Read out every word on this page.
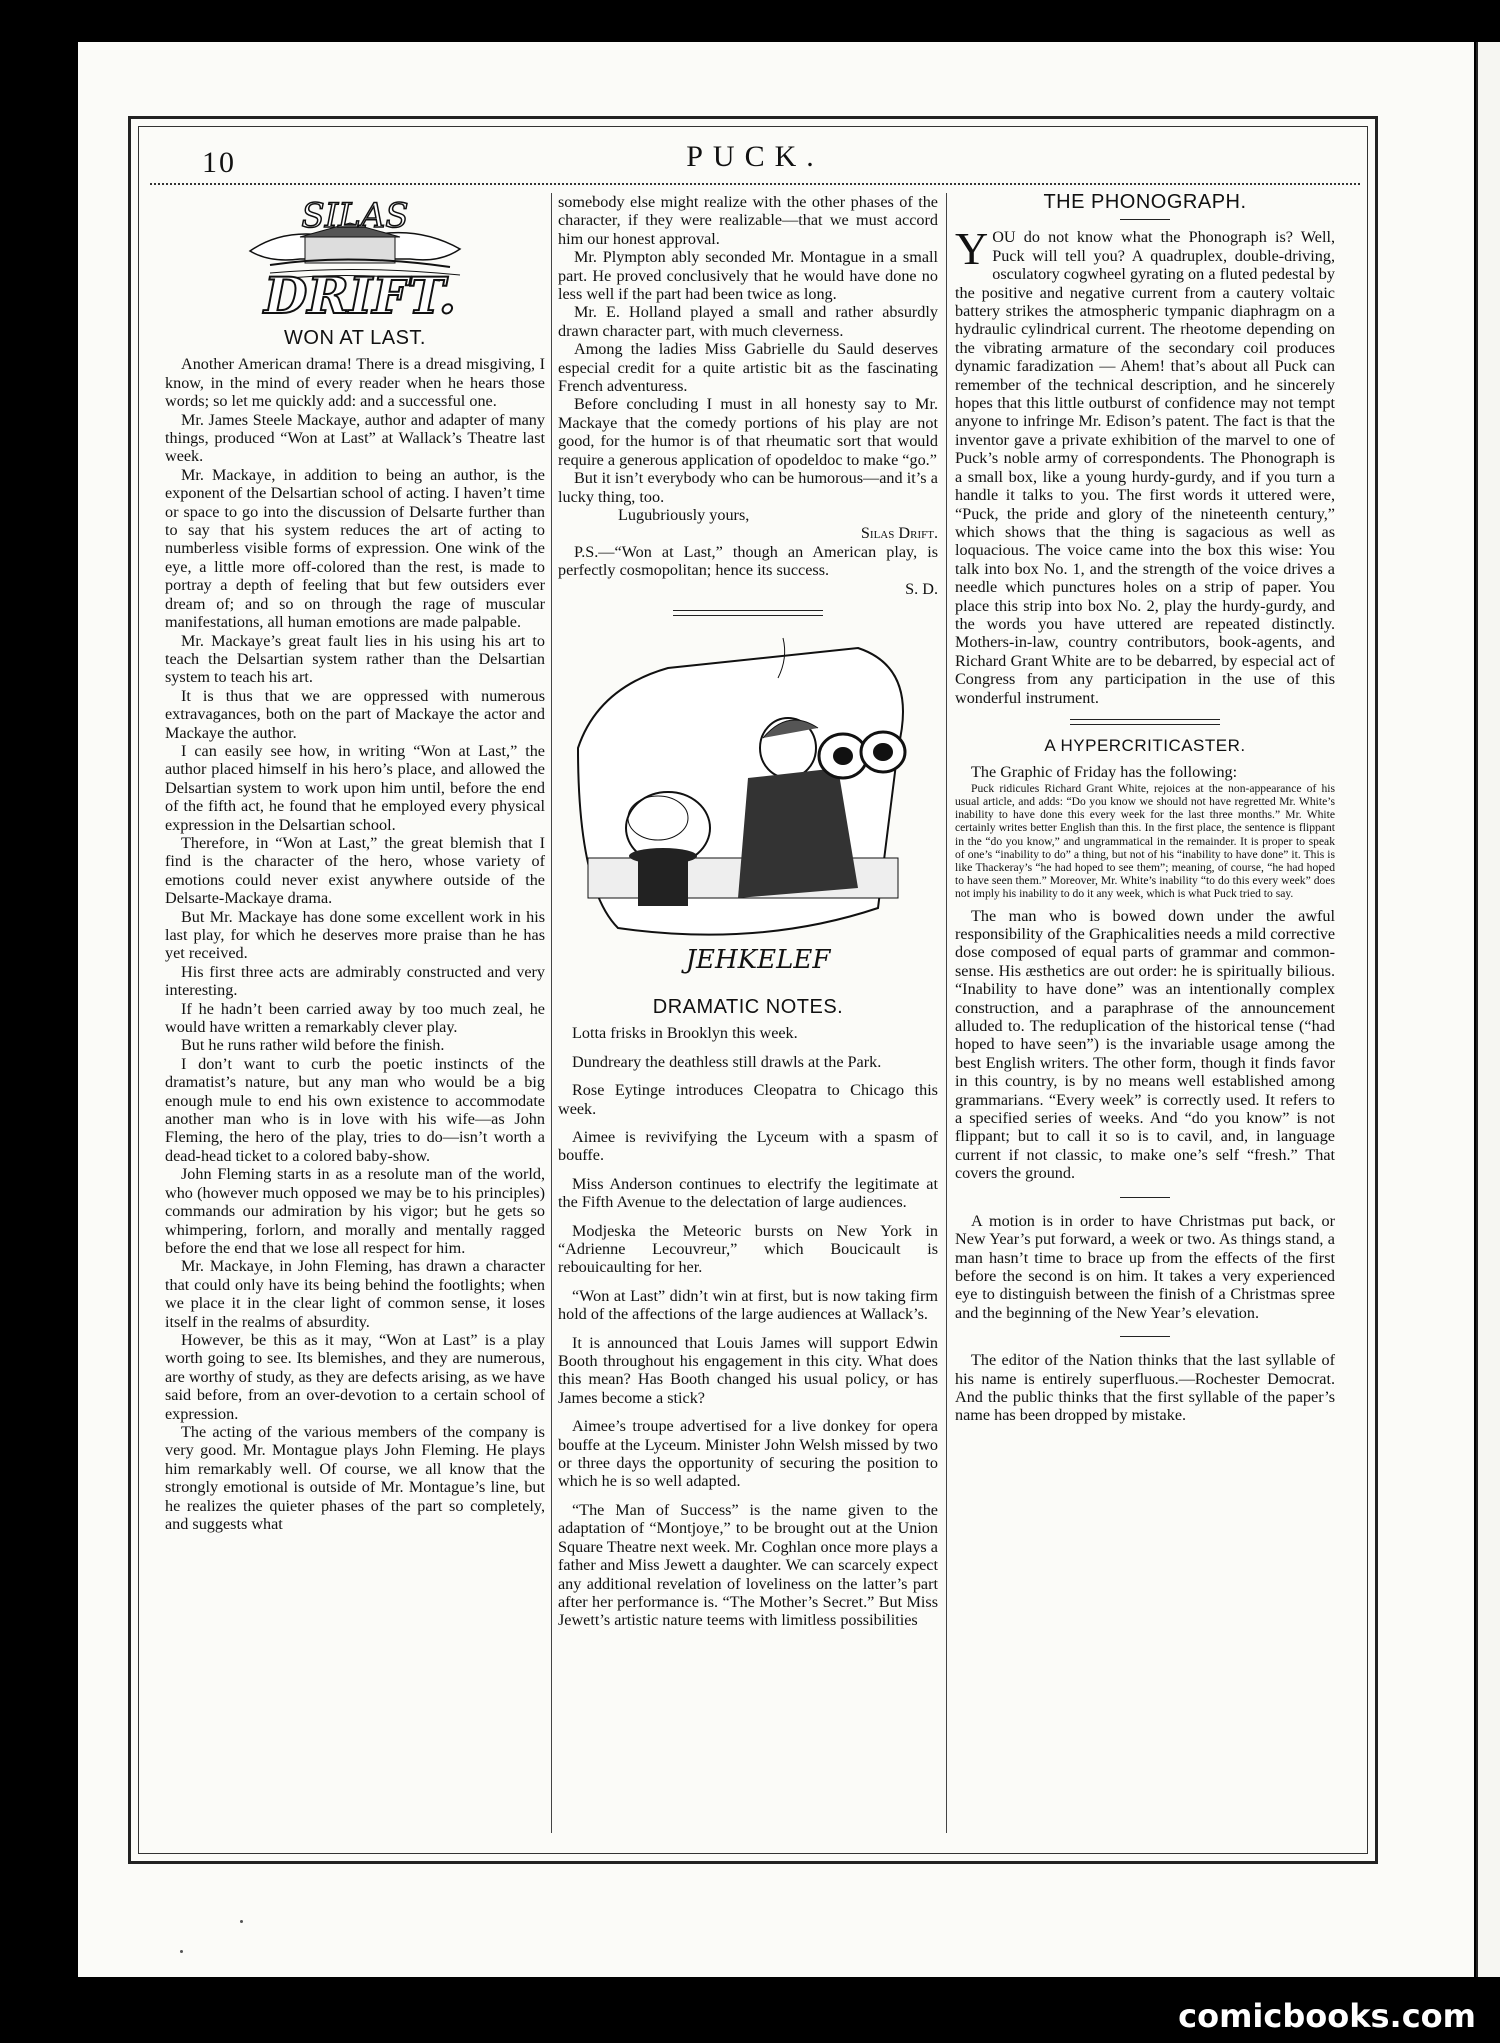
10	PUCK.
SILAS
DRIFT.
WON AT LAST.

Another American drama! There is a dread misgiving, I know, in the mind of every reader when he hears those words; so let me quickly add: and a successful one.

Mr. James Steele Mackaye, author and adapter of many things, produced “Won at Last” at Wallack’s Theatre last week.

Mr. Mackaye, in addition to being an author, is the exponent of the Delsartian school of acting. I haven’t time or space to go into the discussion of Delsarte further than to say that his system reduces the art of acting to numberless visible forms of expression. One wink of the eye, a little more off-colored than the rest, is made to portray a depth of feeling that but few outsiders ever dream of; and so on through the rage of muscular manifestations, all human emotions are made palpable.

Mr. Mackaye’s great fault lies in his using his art to teach the Delsartian system rather than the Delsartian system to teach his art.

It is thus that we are oppressed with numerous extravagances, both on the part of Mackaye the actor and Mackaye the author.

I can easily see how, in writing “Won at Last,” the author placed himself in his hero’s place, and allowed the Delsartian system to work upon him until, before the end of the fifth act, he found that he employed every physical expression in the Delsartian school.

Therefore, in “Won at Last,” the great blemish that I find is the character of the hero, whose variety of emotions could never exist anywhere outside of the Delsarte-Mackaye drama.

But Mr. Mackaye has done some excellent work in his last play, for which he deserves more praise than he has yet received.

His first three acts are admirably constructed and very interesting.

If he hadn’t been carried away by too much zeal, he would have written a remarkably clever play.

But he runs rather wild before the finish.

I don’t want to curb the poetic instincts of the dramatist’s nature, but any man who would be a big enough mule to end his own existence to accommodate another man who is in love with his wife—as John Fleming, the hero of the play, tries to do—isn’t worth a dead-head ticket to a colored baby-show.

John Fleming starts in as a resolute man of the world, who (however much opposed we may be to his principles) commands our admiration by his vigor; but he gets so whimpering, forlorn, and morally and mentally ragged before the end that we lose all respect for him.

Mr. Mackaye, in John Fleming, has drawn a character that could only have its being behind the footlights; when we place it in the clear light of common sense, it loses itself in the realms of absurdity.

However, be this as it may, “Won at Last” is a play worth going to see. Its blemishes, and they are numerous, are worthy of study, as they are defects arising, as we have said before, from an over-devotion to a certain school of expression.

The acting of the various members of the company is very good. Mr. Montague plays John Fleming. He plays him remarkably well. Of course, we all know that the strongly emotional is outside of Mr. Montague’s line, but he realizes the quieter phases of the part so completely, and suggests what

somebody else might realize with the other phases of the character, if they were realizable—that we must accord him our honest approval.

Mr. Plympton ably seconded Mr. Montague in a small part. He proved conclusively that he would have done no less well if the part had been twice as long.

Mr. E. Holland played a small and rather absurdly drawn character part, with much cleverness.

Among the ladies Miss Gabrielle du Sauld deserves especial credit for a quite artistic bit as the fascinating French adventuress.

Before concluding I must in all honesty say to Mr. Mackaye that the comedy portions of his play are not good, for the humor is of that rheumatic sort that would require a generous application of opodeldoc to make “go.”

But it isn’t everybody who can be humorous—and it’s a lucky thing, too.

Lugubriously yours,

Silas Drift.

P.S.—“Won at Last,” though an American play, is perfectly cosmopolitan; hence its success.

S. D.

JEHKELEF
DRAMATIC NOTES.

Lotta frisks in Brooklyn this week.

Dundreary the deathless still drawls at the Park.

Rose Eytinge introduces Cleopatra to Chicago this week.

Aimee is revivifying the Lyceum with a spasm of bouffe.

Miss Anderson continues to electrify the legitimate at the Fifth Avenue to the delectation of large audiences.

Modjeska the Meteoric bursts on New York in “Adrienne Lecouvreur,” which Boucicault is rebouicaulting for her.

“Won at Last” didn’t win at first, but is now taking firm hold of the affections of the large audiences at Wallack’s.

It is announced that Louis James will support Edwin Booth throughout his engagement in this city. What does this mean? Has Booth changed his usual policy, or has James become a stick?

Aimee’s troupe advertised for a live donkey for opera bouffe at the Lyceum. Minister John Welsh missed by two or three days the opportunity of securing the position to which he is so well adapted.

“The Man of Success” is the name given to the adaptation of “Montjoye,” to be brought out at the Union Square Theatre next week. Mr. Coghlan once more plays a father and Miss Jewett a daughter. We can scarcely expect any additional revelation of loveliness on the latter’s part after her performance is. “The Mother’s Secret.” But Miss Jewett’s artistic nature teems with limitless possibilities

THE PHONOGRAPH.

YOU do not know what the Phonograph is? Well, Puck will tell you? A quadruplex, double-driving, osculatory cogwheel gyrating on a fluted pedestal by the positive and negative current from a cautery voltaic battery strikes the atmospheric tympanic diaphragm on a hydraulic cylindrical current. The rheotome depending on the vibrating armature of the secondary coil produces dynamic faradization — Ahem! that’s about all Puck can remember of the technical description, and he sincerely hopes that this little outburst of confidence may not tempt anyone to infringe Mr. Edison’s patent. The fact is that the inventor gave a private exhibition of the marvel to one of Puck’s noble army of correspondents. The Phonograph is a small box, like a young hurdy-gurdy, and if you turn a handle it talks to you. The first words it uttered were, “Puck, the pride and glory of the nineteenth century,” which shows that the thing is sagacious as well as loquacious. The voice came into the box this wise: You talk into box No. 1, and the strength of the voice drives a needle which punctures holes on a strip of paper. You place this strip into box No. 2, play the hurdy-gurdy, and the words you have uttered are repeated distinctly. Mothers-in-law, country contributors, book-agents, and Richard Grant White are to be debarred, by especial act of Congress from any participation in the use of this wonderful instrument.

A HYPERCRITICASTER.

The Graphic of Friday has the following:

Puck ridicules Richard Grant White, rejoices at the non-appearance of his usual article, and adds: “Do you know we should not have regretted Mr. White’s inability to have done this every week for the last three months.” Mr. White certainly writes better English than this. In the first place, the sentence is flippant in the “do you know,” and ungrammatical in the remainder. It is proper to speak of one’s “inability to do” a thing, but not of his “inability to have done” it. This is like Thackeray’s “he had hoped to see them”; meaning, of course, “he had hoped to have seen them.” Moreover, Mr. White’s inability “to do this every week” does not imply his inability to do it any week, which is what Puck tried to say.

The man who is bowed down under the awful responsibility of the Graphicalities needs a mild corrective dose composed of equal parts of grammar and common-sense. His æsthetics are out order: he is spiritually bilious. “Inability to have done” was an intentionally complex construction, and a paraphrase of the announcement alluded to. The reduplication of the historical tense (“had hoped to have seen”) is the invariable usage among the best English writers. The other form, though it finds favor in this country, is by no means well established among grammarians. “Every week” is correctly used. It refers to a specified series of weeks. And “do you know” is not flippant; but to call it so is to cavil, and, in language current if not classic, to make one’s self “fresh.” That covers the ground.

A motion is in order to have Christmas put back, or New Year’s put forward, a week or two. As things stand, a man hasn’t time to brace up from the effects of the first before the second is on him. It takes a very experienced eye to distinguish between the finish of a Christmas spree and the beginning of the New Year’s elevation.

The editor of the Nation thinks that the last syllable of his name is entirely superfluous.—Rochester Democrat. And the public thinks that the first syllable of the paper’s name has been dropped by mistake.

comicbooks.com
